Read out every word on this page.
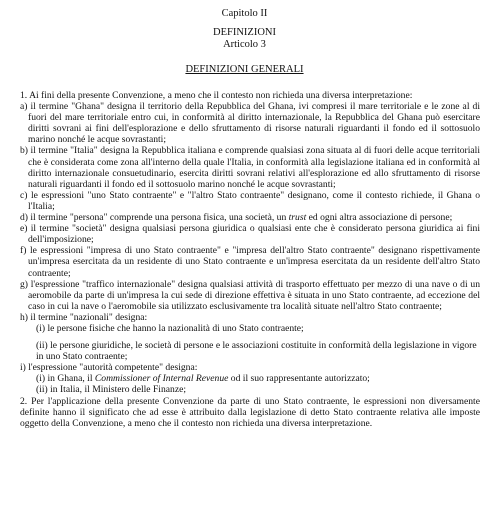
Capitolo II
DEFINIZIONI
Articolo 3
DEFINIZIONI GENERALI

1. Ai fini della presente Convenzione, a meno che il contesto non richieda una diversa interpretazione:

a) il termine "Ghana" designa il territorio della Repubblica del Ghana, ivi compresi il mare territoriale e le zone al di fuori del mare territoriale entro cui, in conformità al diritto internazionale, la Repubblica del Ghana può esercitare diritti sovrani ai fini dell'esplorazione e dello sfruttamento di risorse naturali riguardanti il fondo ed il sottosuolo marino nonché le acque sovrastanti;

b) il termine "Italia" designa la Repubblica italiana e comprende qualsiasi zona situata al di fuori delle acque territoriali che è considerata come zona all'interno della quale l'Italia, in conformità alla legislazione italiana ed in conformità al diritto internazionale consuetudinario, esercita diritti sovrani relativi all'esplorazione ed allo sfruttamento di risorse naturali riguardanti il fondo ed il sottosuolo marino nonché le acque sovrastanti;

c) le espressioni "uno Stato contraente" e "l'altro Stato contraente" designano, come il contesto richiede, il Ghana o l'Italia;

d) il termine "persona" comprende una persona fisica, una società, un trust ed ogni altra associazione di persone;

e) il termine "società" designa qualsiasi persona giuridica o qualsiasi ente che è considerato persona giuridica ai fini dell'imposizione;

f) le espressioni "impresa di uno Stato contraente" e "impresa dell'altro Stato contraente" designano rispettivamente un'impresa esercitata da un residente di uno Stato contraente e un'impresa esercitata da un residente dell'altro Stato contraente;

g) l'espressione "traffico internazionale" designa qualsiasi attività di trasporto effettuato per mezzo di una nave o di un aeromobile da parte di un'impresa la cui sede di direzione effettiva è situata in uno Stato contraente, ad eccezione del caso in cui la nave o l'aeromobile sia utilizzato esclusivamente tra località situate nell'altro Stato contraente;

h) il termine "nazionali" designa:

(i) le persone fisiche che hanno la nazionalità di uno Stato contraente;

(ii) le persone giuridiche, le società di persone e le associazioni costituite in conformità della legislazione in vigore in uno Stato contraente;

i) l'espressione "autorità competente" designa:

(i) in Ghana, il Commissioner of Internal Revenue od il suo rappresentante autorizzato;

(ii) in Italia, il Ministero delle Finanze;

2. Per l'applicazione della presente Convenzione da parte di uno Stato contraente, le espressioni non diversamente definite hanno il significato che ad esse è attribuito dalla legislazione di detto Stato contraente relativa alle imposte oggetto della Convenzione, a meno che il contesto non richieda una diversa interpretazione.
